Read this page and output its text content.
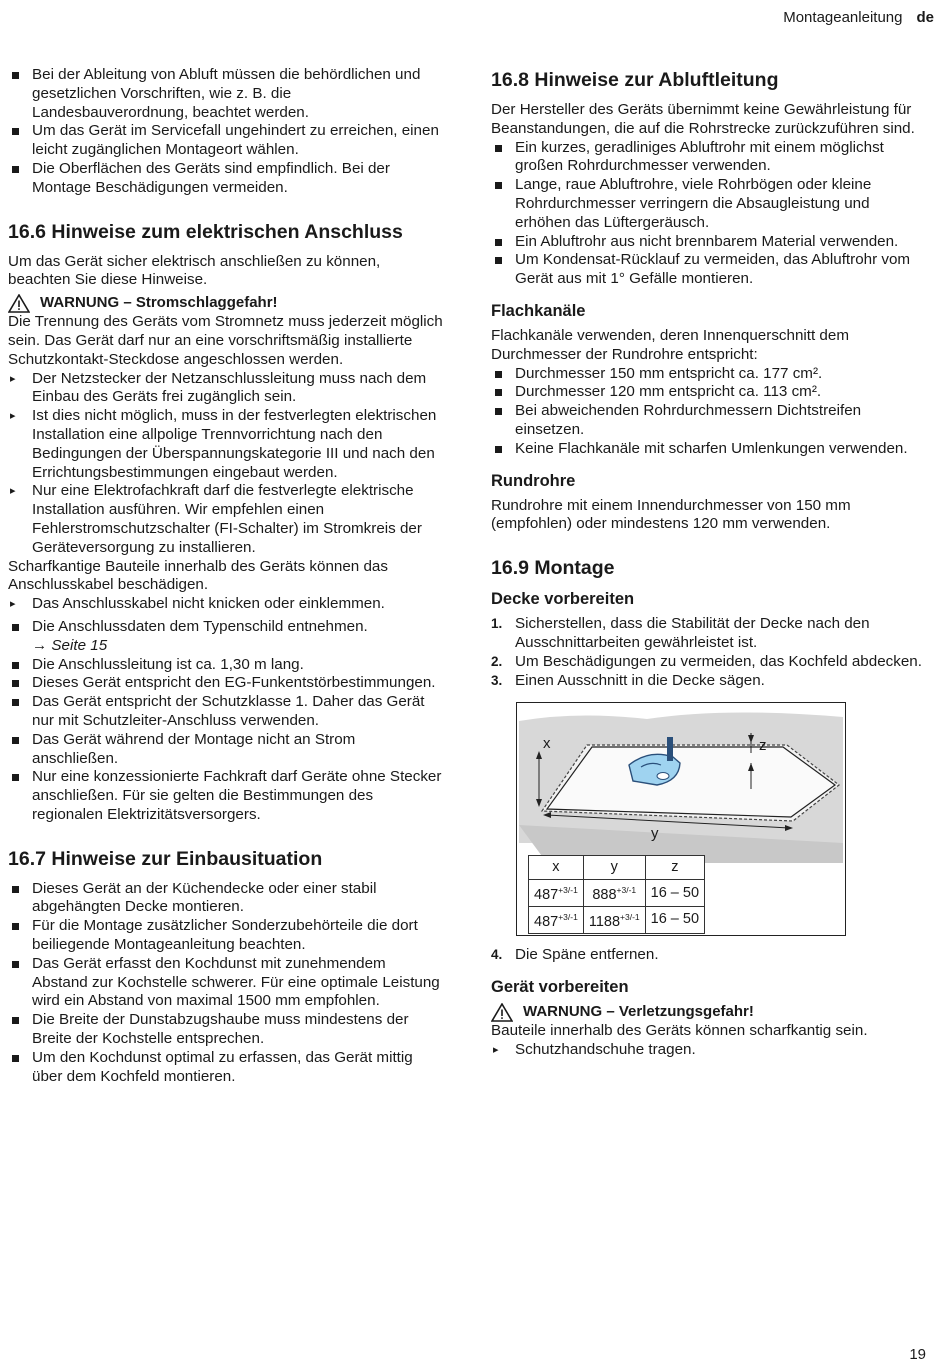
Montageanleitung de
Bei der Ableitung von Abluft müssen die behördlichen und gesetzlichen Vorschriften, wie z. B. die Landesbauverordnung, beachtet werden.
Um das Gerät im Servicefall ungehindert zu erreichen, einen leicht zugänglichen Montageort wählen.
Die Oberflächen des Geräts sind empfindlich. Bei der Montage Beschädigungen vermeiden.
16.6 Hinweise zum elektrischen Anschluss

Um das Gerät sicher elektrisch anschließen zu können, beachten Sie diese Hinweise.

WARNUNG – Stromschlaggefahr!

Die Trennung des Geräts vom Stromnetz muss jederzeit möglich sein. Das Gerät darf nur an eine vorschriftsmäßig installierte Schutzkontakt-Steckdose angeschlossen werden.

▸ Der Netzstecker der Netzanschlussleitung muss nach dem Einbau des Geräts frei zugänglich sein.
▸ Ist dies nicht möglich, muss in der festverlegten elektrischen Installation eine allpolige Trennvorrichtung nach den Bedingungen der Überspannungskategorie III und nach den Errichtungsbestimmungen eingebaut werden.
▸ Nur eine Elektrofachkraft darf die festverlegte elektrische Installation ausführen. Wir empfehlen einen Fehlerstromschutzschalter (FI-Schalter) im Stromkreis der Geräteversorgung zu installieren.

Scharfkantige Bauteile innerhalb des Geräts können das Anschlusskabel beschädigen.

▸ Das Anschlusskabel nicht knicken oder einklemmen.
Die Anschlussdaten dem Typenschild entnehmen.
→ Seite 15
Die Anschlussleitung ist ca. 1,30 m lang.
Dieses Gerät entspricht den EG-Funkentstörbestimmungen.
Das Gerät entspricht der Schutzklasse 1. Daher das Gerät nur mit Schutzleiter-Anschluss verwenden.
Das Gerät während der Montage nicht an Strom anschließen.
Nur eine konzessionierte Fachkraft darf Geräte ohne Stecker anschließen. Für sie gelten die Bestimmungen des regionalen Elektrizitätsversorgers.
16.7 Hinweise zur Einbausituation
Dieses Gerät an der Küchendecke oder einer stabil abgehängten Decke montieren.
Für die Montage zusätzlicher Sonderzubehörteile die dort beiliegende Montageanleitung beachten.
Das Gerät erfasst den Kochdunst mit zunehmendem Abstand zur Kochstelle schwerer. Für eine optimale Leistung wird ein Abstand von maximal 1500 mm empfohlen.
Die Breite der Dunstabzugshaube muss mindestens der Breite der Kochstelle entsprechen.
Um den Kochdunst optimal zu erfassen, das Gerät mittig über dem Kochfeld montieren.
16.8 Hinweise zur Abluftleitung

Der Hersteller des Geräts übernimmt keine Gewährleistung für Beanstandungen, die auf die Rohrstrecke zurückzuführen sind.

Ein kurzes, geradliniges Abluftrohr mit einem möglichst großen Rohrdurchmesser verwenden.
Lange, raue Abluftrohre, viele Rohrbögen oder kleine Rohrdurchmesser verringern die Absaugleistung und erhöhen das Lüftergeräusch.
Ein Abluftrohr aus nicht brennbarem Material verwenden.
Um Kondensat-Rücklauf zu vermeiden, das Abluftrohr vom Gerät aus mit 1° Gefälle montieren.
Flachkanäle

Flachkanäle verwenden, deren Innenquerschnitt dem Durchmesser der Rundrohre entspricht:

Durchmesser 150 mm entspricht ca. 177 cm².
Durchmesser 120 mm entspricht ca. 113 cm².
Bei abweichenden Rohrdurchmessern Dichtstreifen einsetzen.
Keine Flachkanäle mit scharfen Umlenkungen verwenden.
Rundrohre

Rundrohre mit einem Innendurchmesser von 150 mm (empfohlen) oder mindestens 120 mm verwenden.

16.9 Montage
Decke vorbereiten
1. Sicherstellen, dass die Stabilität der Decke nach den Ausschnittarbeiten gewährleistet ist.
2. Um Beschädigungen zu vermeiden, das Kochfeld abdecken.
3. Einen Ausschnitt in die Decke sägen.
x
y
z
x	y	z
$487^{+3/-1}$	$888^{+3/-1}$	16 – 50
$487^{+3/-1}$	$1188^{+3/-1}$	16 – 50
4. Die Späne entfernen.
Gerät vorbereiten
WARNUNG – Verletzungsgefahr!

Bauteile innerhalb des Geräts können scharfkantig sein.

▸ Schutzhandschuhe tragen.
19
